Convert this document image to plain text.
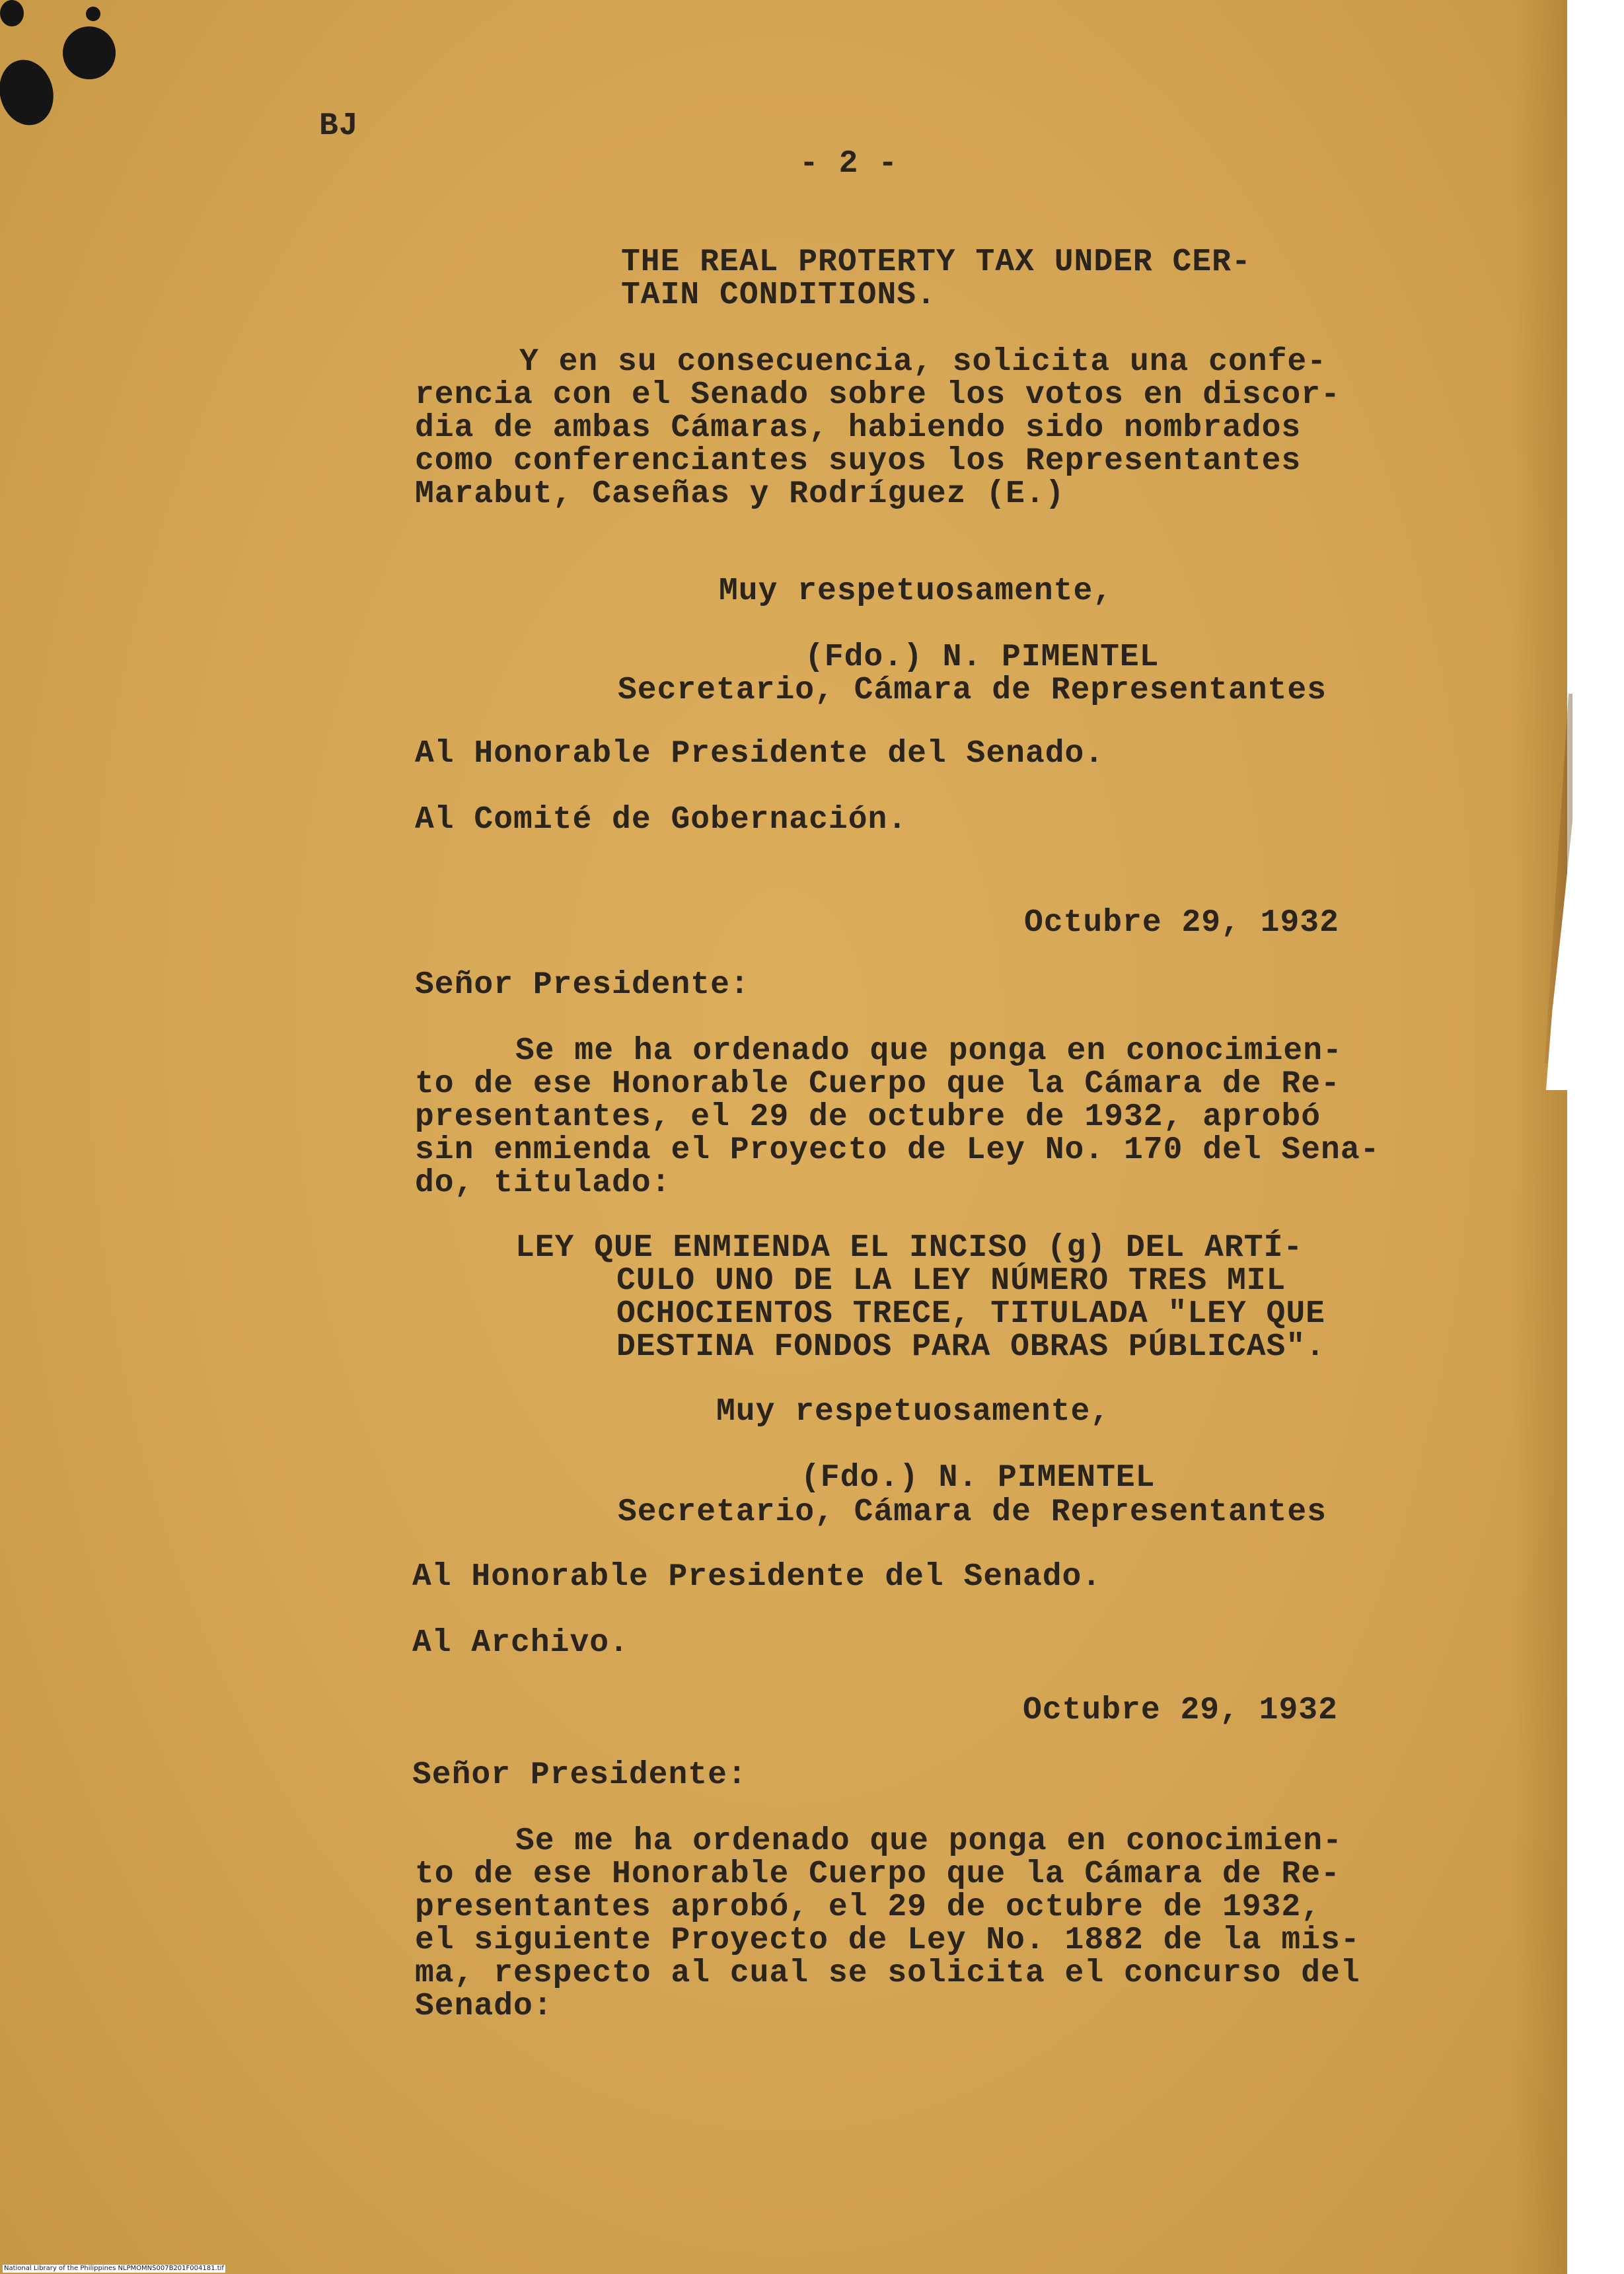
BJ

- 2 -

THE REAL PROTERTY TAX UNDER CER-

TAIN CONDITIONS.

Y en su consecuencia, solicita una confe-

rencia con el Senado sobre los votos en discor-

dia de ambas Cámaras, habiendo sido nombrados

como conferenciantes suyos los Representantes

Marabut, Caseñas y Rodríguez (E.)

Muy respetuosamente,

(Fdo.) N. PIMENTEL

Secretario, Cámara de Representantes

Al Honorable Presidente del Senado.

Al Comité de Gobernación.

Octubre 29, 1932

Señor Presidente:

Se me ha ordenado que ponga en conocimien-

to de ese Honorable Cuerpo que la Cámara de Re-

presentantes, el 29 de octubre de 1932, aprobó

sin enmienda el Proyecto de Ley No. 170 del Sena-

do, titulado:

LEY QUE ENMIENDA EL INCISO (g) DEL ARTÍ-

CULO UNO DE LA LEY NÚMERO TRES MIL

OCHOCIENTOS TRECE, TITULADA "LEY QUE

DESTINA FONDOS PARA OBRAS PÚBLICAS".

Muy respetuosamente,

(Fdo.) N. PIMENTEL

Secretario, Cámara de Representantes

Al Honorable Presidente del Senado.

Al Archivo.

Octubre 29, 1932

Señor Presidente:

Se me ha ordenado que ponga en conocimien-

to de ese Honorable Cuerpo que la Cámara de Re-

presentantes aprobó, el 29 de octubre de 1932,

el siguiente Proyecto de Ley No. 1882 de la mis-

ma, respecto al cual se solicita el concurso del

Senado:

National Library of the Philippines NLPMOMNS007B201F004181.tif
